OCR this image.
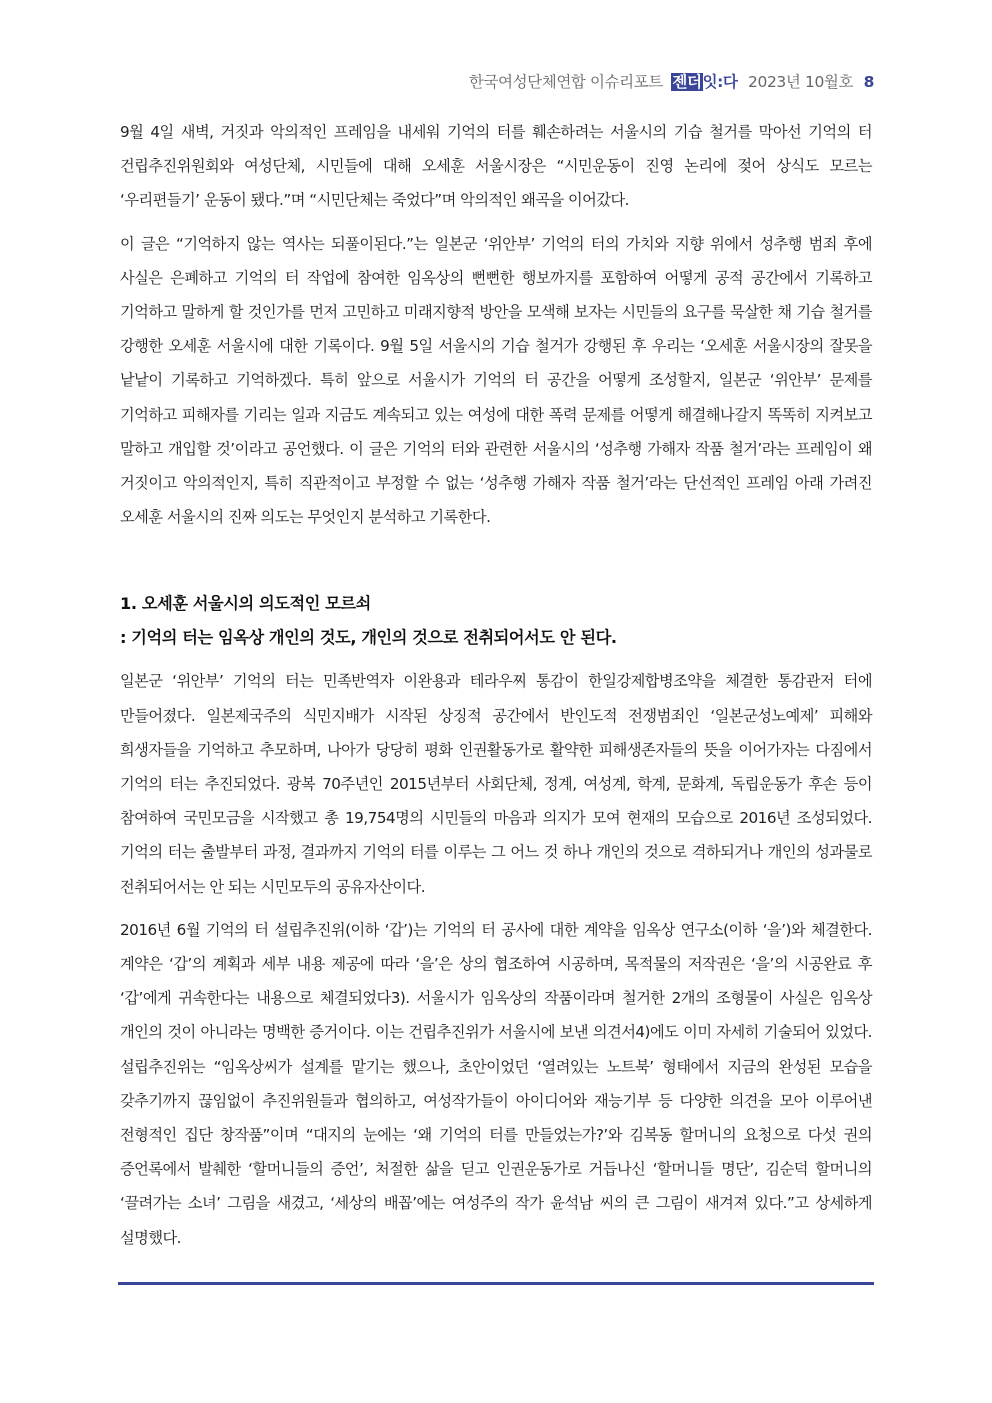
한국여성단체연합 이슈리포트 젠더잇:다 2023년 10월호 8

9월 4일 새벽, 거짓과 악의적인 프레임을 내세워 기억의 터를 훼손하려는 서울시의 기습 철거를 막아선 기억의 터 건립추진위원회와 여성단체, 시민들에 대해 오세훈 서울시장은 “시민운동이 진영 논리에 젖어 상식도 모르는 ‘우리편들기’ 운동이 됐다.”며 “시민단체는 죽었다”며 악의적인 왜곡을 이어갔다.

이 글은 “기억하지 않는 역사는 되풀이된다.”는 일본군 ‘위안부’ 기억의 터의 가치와 지향 위에서 성추행 범죄 후에 사실은 은폐하고 기억의 터 작업에 참여한 임옥상의 뻔뻔한 행보까지를 포함하여 어떻게 공적 공간에서 기록하고 기억하고 말하게 할 것인가를 먼저 고민하고 미래지향적 방안을 모색해 보자는 시민들의 요구를 묵살한 채 기습 철거를 강행한 오세훈 서울시에 대한 기록이다. 9월 5일 서울시의 기습 철거가 강행된 후 우리는 ‘오세훈 서울시장의 잘못을 낱낱이 기록하고 기억하겠다. 특히 앞으로 서울시가 기억의 터 공간을 어떻게 조성할지, 일본군 ‘위안부’ 문제를 기억하고 피해자를 기리는 일과 지금도 계속되고 있는 여성에 대한 폭력 문제를 어떻게 해결해나갈지 똑똑히 지켜보고 말하고 개입할 것’이라고 공언했다. 이 글은 기억의 터와 관련한 서울시의 ‘성추행 가해자 작품 철거’라는 프레임이 왜 거짓이고 악의적인지, 특히 직관적이고 부정할 수 없는 ‘성추행 가해자 작품 철거’라는 단선적인 프레임 아래 가려진 오세훈 서울시의 진짜 의도는 무엇인지 분석하고 기록한다.

1. 오세훈 서울시의 의도적인 모르쇠

: 기억의 터는 임옥상 개인의 것도, 개인의 것으로 전취되어서도 안 된다.

일본군 ‘위안부’ 기억의 터는 민족반역자 이완용과 테라우찌 통감이 한일강제합병조약을 체결한 통감관저 터에 만들어졌다. 일본제국주의 식민지배가 시작된 상징적 공간에서 반인도적 전쟁범죄인 ‘일본군성노예제’ 피해와 희생자들을 기억하고 추모하며, 나아가 당당히 평화 인권활동가로 활약한 피해생존자들의 뜻을 이어가자는 다짐에서 기억의 터는 추진되었다. 광복 70주년인 2015년부터 사회단체, 정계, 여성계, 학계, 문화계, 독립운동가 후손 등이 참여하여 국민모금을 시작했고 총 19,754명의 시민들의 마음과 의지가 모여 현재의 모습으로 2016년 조성되었다. 기억의 터는 출발부터 과정, 결과까지 기억의 터를 이루는 그 어느 것 하나 개인의 것으로 격하되거나 개인의 성과물로 전취되어서는 안 되는 시민모두의 공유자산이다.

2016년 6월 기억의 터 설립추진위(이하 ‘갑’)는 기억의 터 공사에 대한 계약을 임옥상 연구소(이하 ‘을’)와 체결한다. 계약은 ‘갑’의 계획과 세부 내용 제공에 따라 ‘을’은 상의 협조하여 시공하며, 목적물의 저작권은 ‘을’의 시공완료 후 ‘갑’에게 귀속한다는 내용으로 체결되었다3). 서울시가 임옥상의 작품이라며 철거한 2개의 조형물이 사실은 임옥상 개인의 것이 아니라는 명백한 증거이다. 이는 건립추진위가 서울시에 보낸 의견서4)에도 이미 자세히 기술되어 있었다. 설립추진위는 “임옥상씨가 설계를 맡기는 했으나, 초안이었던 ‘열려있는 노트북’ 형태에서 지금의 완성된 모습을 갖추기까지 끊임없이 추진위원들과 협의하고, 여성작가들이 아이디어와 재능기부 등 다양한 의견을 모아 이루어낸 전형적인 집단 창작품”이며 “대지의 눈에는 ‘왜 기억의 터를 만들었는가?’와 김복동 할머니의 요청으로 다섯 권의 증언록에서 발췌한 ‘할머니들의 증언’, 처절한 삶을 딛고 인권운동가로 거듭나신 ‘할머니들 명단’, 김순덕 할머니의 ‘끌려가는 소녀’ 그림을 새겼고, ‘세상의 배꼽’에는 여성주의 작가 윤석남 씨의 큰 그림이 새겨져 있다.”고 상세하게 설명했다.
